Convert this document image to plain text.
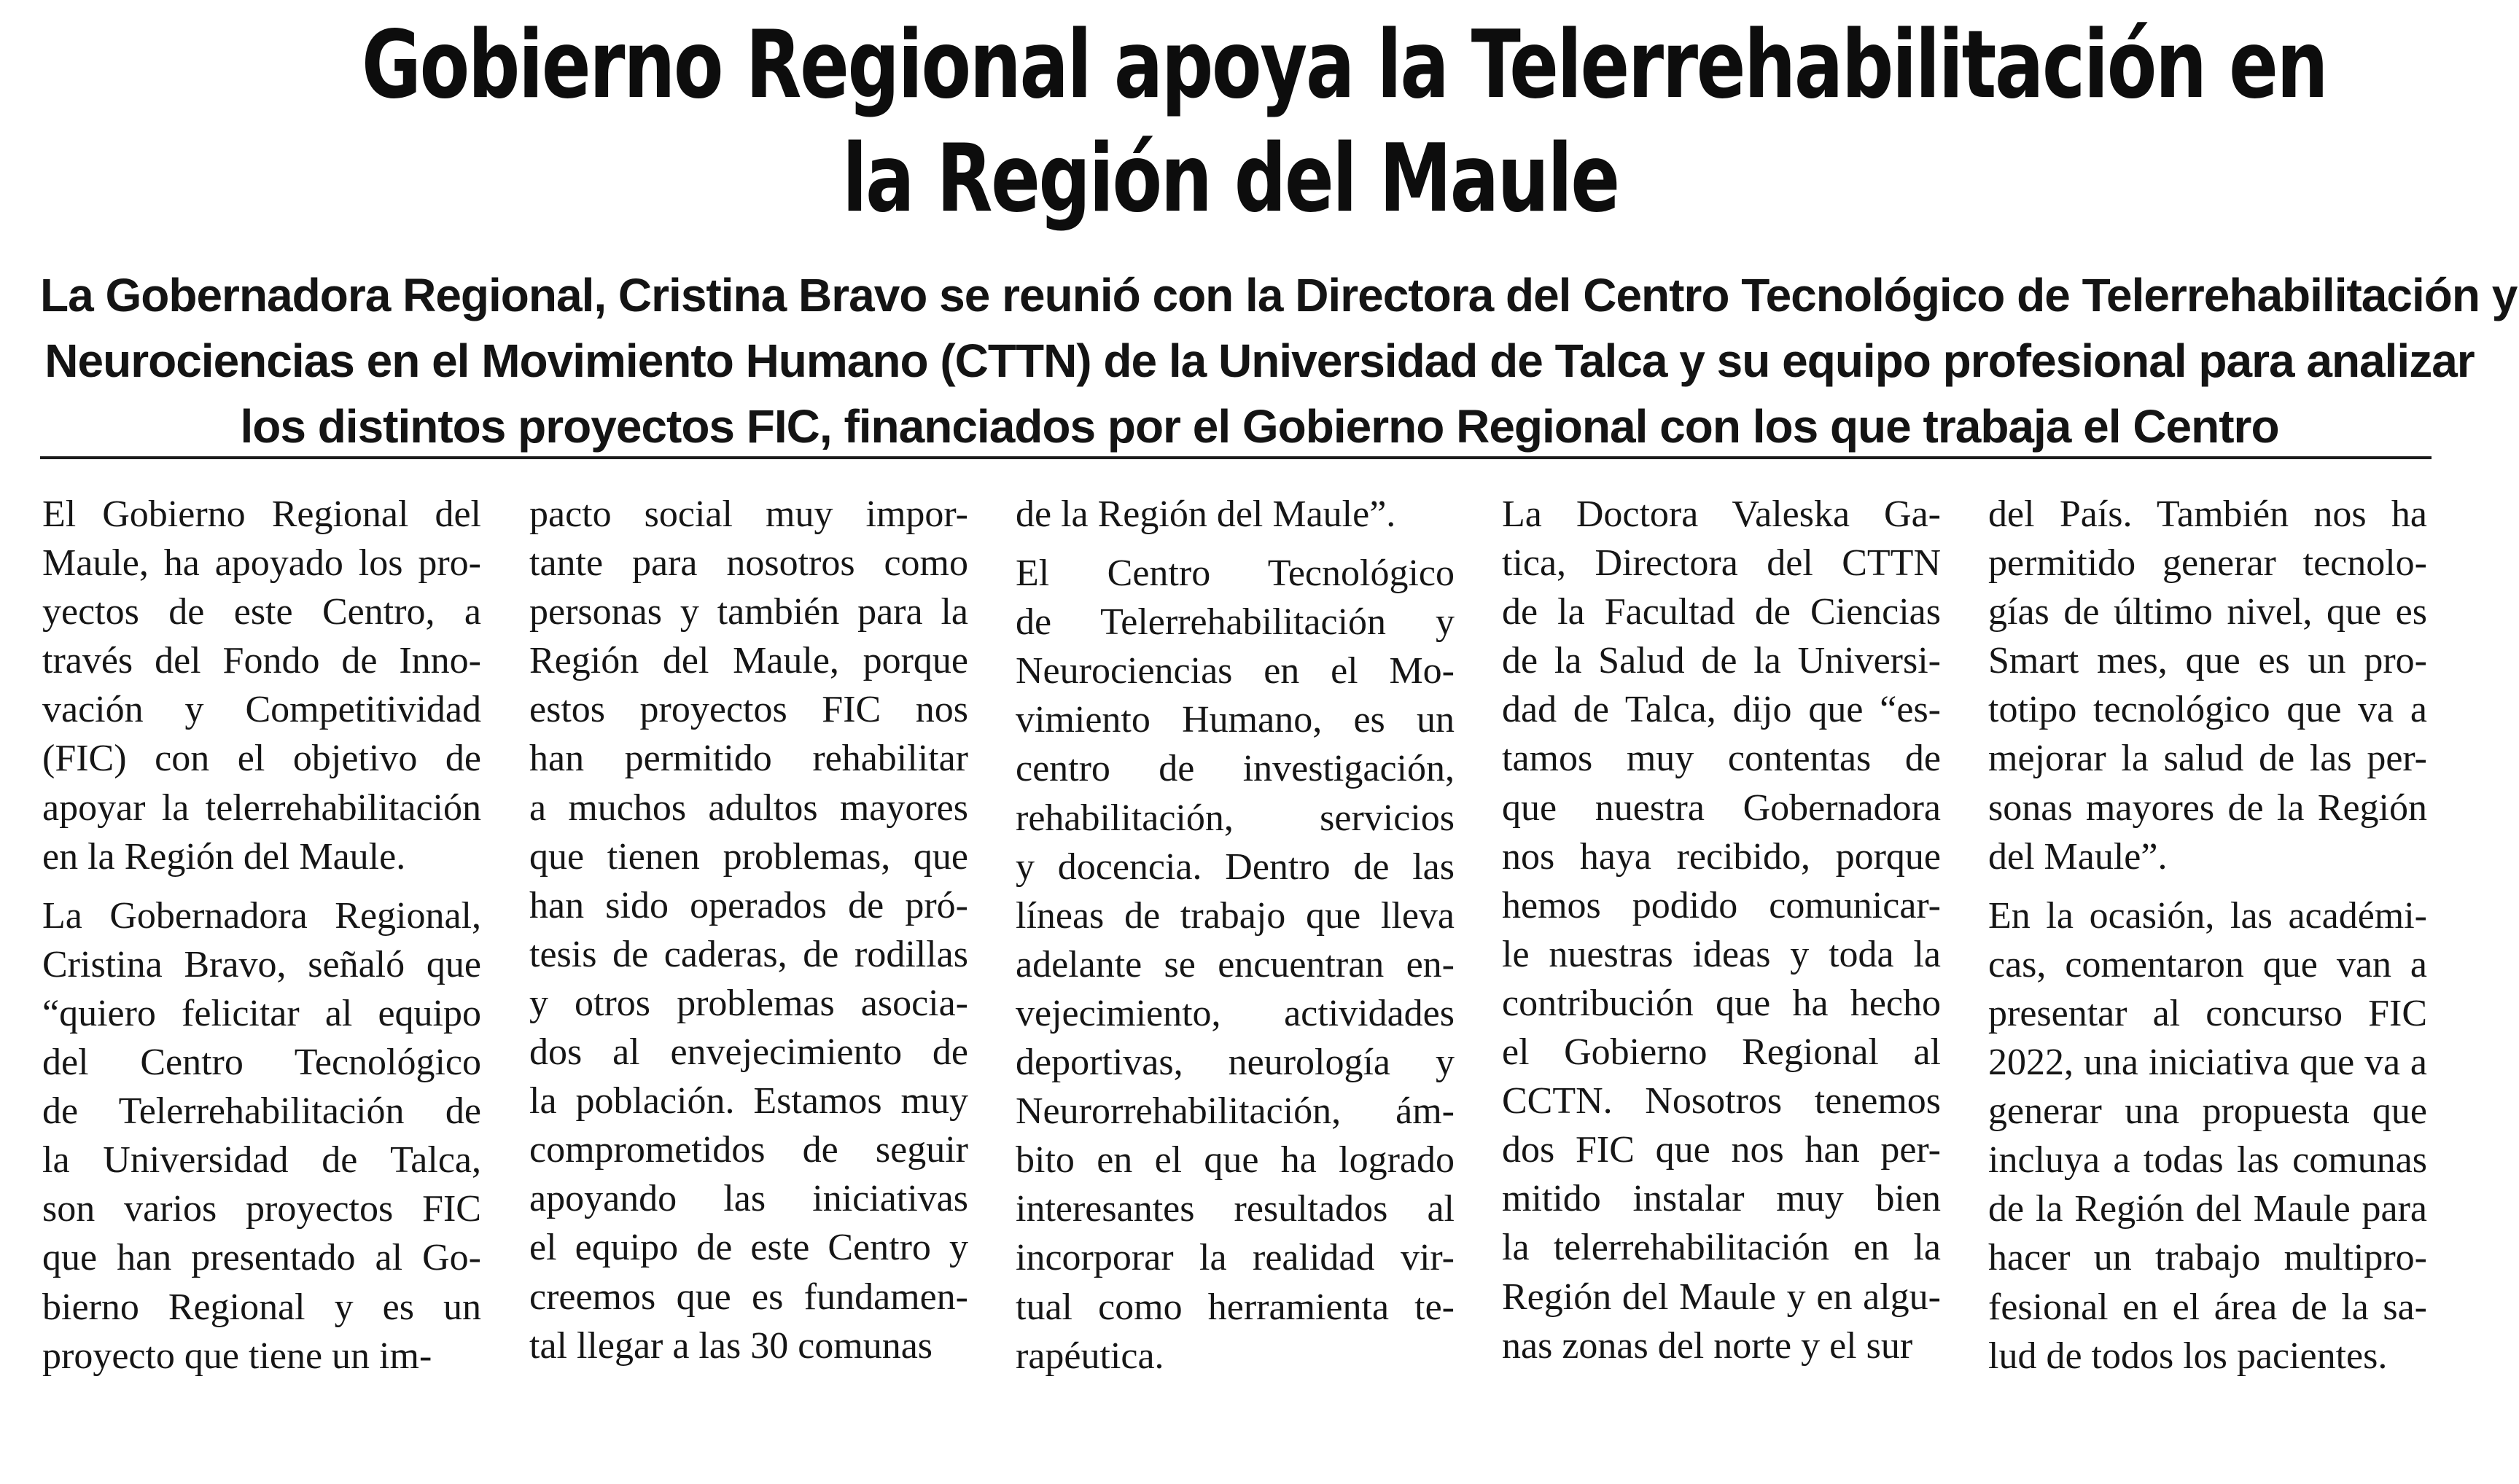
Gobierno Regional apoya la Telerrehabilitación en
la Región del Maule
La Gobernadora Regional, Cristina Bravo se reunió con la Directora del Centro Tecnológico de Telerrehabilitación y
Neurociencias en el Movimiento Humano (CTTN) de la Universidad de Talca y su equipo profesional para analizar
los distintos proyectos FIC, financiados por el Gobierno Regional con los que trabaja el Centro

El Gobierno Regional del
Maule, ha apoyado los pro-
yectos de este Centro, a
través del Fondo de Inno-
vación y Competitividad
(FIC) con el objetivo de
apoyar la telerrehabilitación
en la Región del Maule.

La Gobernadora Regional,
Cristina Bravo, señaló que
“quiero felicitar al equipo
del Centro Tecnológico
de Telerrehabilitación de
la Universidad de Talca,
son varios proyectos FIC
que han presentado al Go-
bierno Regional y es un
proyecto que tiene un im-

pacto social muy impor-
tante para nosotros como
personas y también para la
Región del Maule, porque
estos proyectos FIC nos
han permitido rehabilitar
a muchos adultos mayores
que tienen problemas, que
han sido operados de pró-
tesis de caderas, de rodillas
y otros problemas asocia-
dos al envejecimiento de
la población. Estamos muy
comprometidos de seguir
apoyando las iniciativas
el equipo de este Centro y
creemos que es fundamen-
tal llegar a las 30 comunas

de la Región del Maule”.

El Centro Tecnológico
de Telerrehabilitación y
Neurociencias en el Mo-
vimiento Humano, es un
centro de investigación,
rehabilitación, servicios
y docencia. Dentro de las
líneas de trabajo que lleva
adelante se encuentran en-
vejecimiento, actividades
deportivas, neurología y
Neurorrehabilitación, ám-
bito en el que ha logrado
interesantes resultados al
incorporar la realidad vir-
tual como herramienta te-
rapéutica.

La Doctora Valeska Ga-
tica, Directora del CTTN
de la Facultad de Ciencias
de la Salud de la Universi-
dad de Talca, dijo que “es-
tamos muy contentas de
que nuestra Gobernadora
nos haya recibido, porque
hemos podido comunicar-
le nuestras ideas y toda la
contribución que ha hecho
el Gobierno Regional al
CCTN. Nosotros tenemos
dos FIC que nos han per-
mitido instalar muy bien
la telerrehabilitación en la
Región del Maule y en algu-
nas zonas del norte y el sur

del País. También nos ha
permitido generar tecnolo-
gías de último nivel, que es
Smart mes, que es un pro-
totipo tecnológico que va a
mejorar la salud de las per-
sonas mayores de la Región
del Maule”.

En la ocasión, las académi-
cas, comentaron que van a
presentar al concurso FIC
2022, una iniciativa que va a
generar una propuesta que
incluya a todas las comunas
de la Región del Maule para
hacer un trabajo multipro-
fesional en el área de la sa-
lud de todos los pacientes.
